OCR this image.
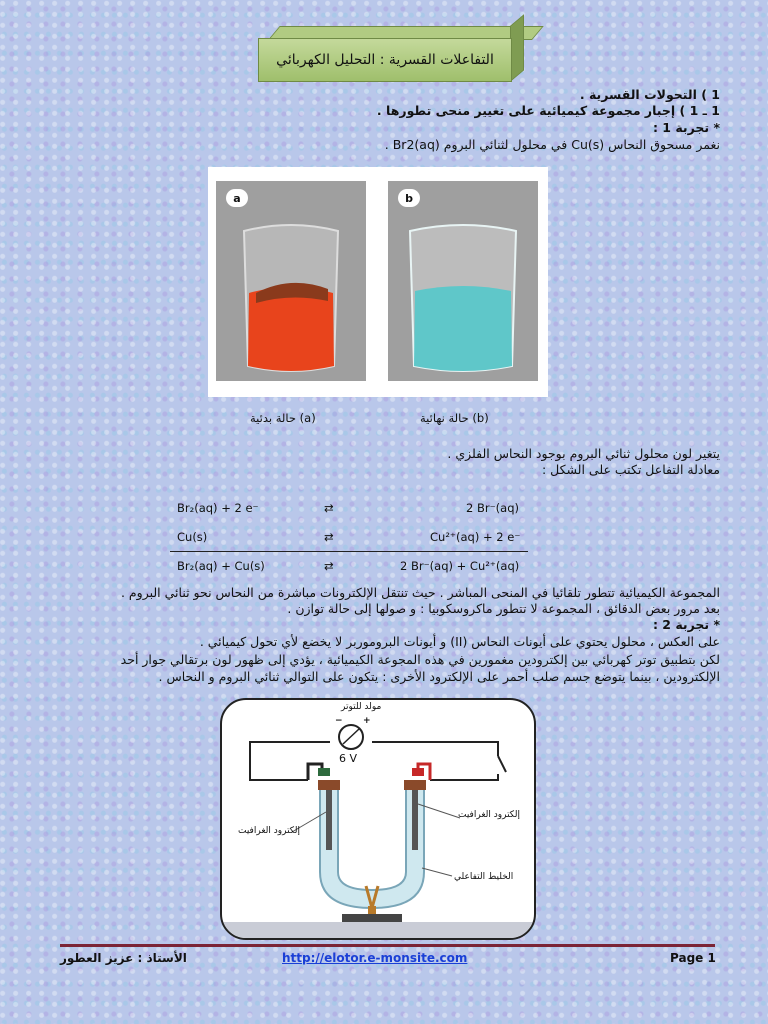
التفاعلات القسرية : التحليل الكهربائي
1 ) التحولات القسرية .
1 ـ 1 ) إجبار مجموعة كيميائية على تغيير منحى تطورها .
* تجربة 1 :
نغمر مسحوق النحاس Cu(s) في محلول لثنائي البروم Br2(aq) .
a	b
حالة نهائية (b)
حالة بدئية (a)
يتغير لون محلول ثنائي البروم بوجود النحاس الفلزي .
معادلة التفاعل تكتب على الشكل :
Br₂(aq) + 2 e⁻	⇄	2 Br⁻(aq)
Cu(s)	⇄	Cu²⁺(aq) + 2 e⁻
Br₂(aq) + Cu(s)	⇄	2 Br⁻(aq) + Cu²⁺(aq)
المجموعة الكيميائية تتطور تلقائيا في المنحى المباشر . حيث تنتقل الإلكترونات مباشرة من النحاس نحو ثنائي البروم .
بعد مرور بعض الدقائق ، المجموعة لا تتطور ماكروسكوبيا : و صولها إلى حالة توازن .
* تجربة 2 :
على العكس ، محلول يحتوي على أيونات النحاس (II) و أيونات البروموربر لا يخضع لأي تحول كيميائي .
لكن بتطبيق توتر كهربائي بين إلكترودين مغمورين في هذه المجوعة الكيميائية ، يؤدي إلى ظهور لون برتقالي جوار أحد
الإلكترودين ، بينما يتوضع جسم صلب أحمر على الإلكترود الأخرى : يتكون على التوالي ثنائي البروم و النحاس .
مولد للتوتر
− +
6 V
إلكترود الغرافيت
إلكترود الغرافيت
الخليط التفاعلي
الأستاذ : عزيز العطور	http://elotor.e-monsite.com	Page 1
